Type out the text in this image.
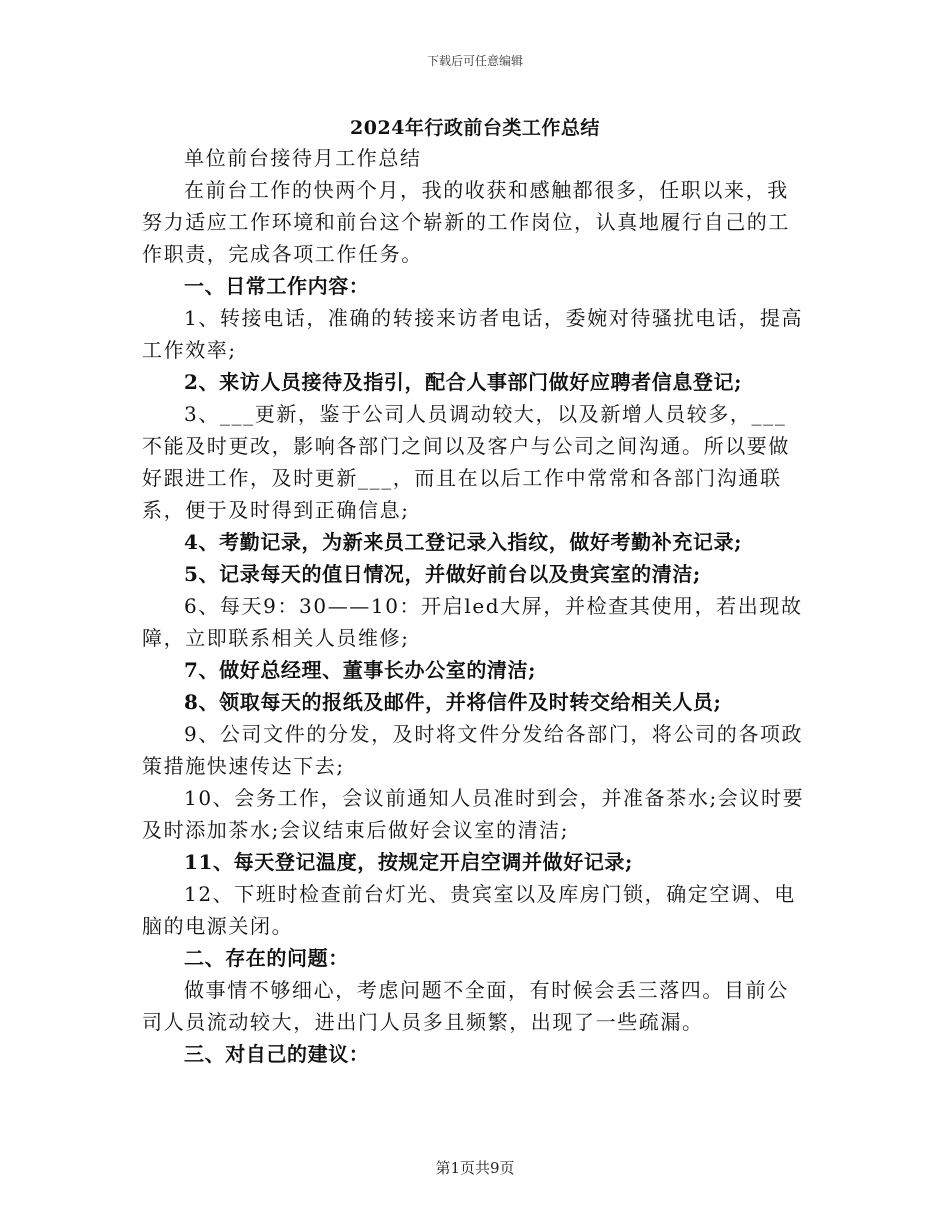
下载后可任意编辑
2024年行政前台类工作总结

单位前台接待月工作总结

在前台工作的快两个月，我的收获和感触都很多，任职以来，我努力适应工作环境和前台这个崭新的工作岗位，认真地履行自己的工作职责，完成各项工作任务。

一、日常工作内容：

1、转接电话，准确的转接来访者电话，委婉对待骚扰电话，提高工作效率;

2、来访人员接待及指引，配合人事部门做好应聘者信息登记;

3、___更新，鉴于公司人员调动较大，以及新增人员较多，___不能及时更改，影响各部门之间以及客户与公司之间沟通。所以要做好跟进工作，及时更新___，而且在以后工作中常常和各部门沟通联系，便于及时得到正确信息;

4、考勤记录，为新来员工登记录入指纹，做好考勤补充记录;

5、记录每天的值日情况，并做好前台以及贵宾室的清洁;

6、每天9：30——10：开启led大屏，并检查其使用，若出现故障，立即联系相关人员维修;

7、做好总经理、董事长办公室的清洁;

8、领取每天的报纸及邮件，并将信件及时转交给相关人员;

9、公司文件的分发，及时将文件分发给各部门，将公司的各项政策措施快速传达下去;

10、会务工作，会议前通知人员准时到会，并准备茶水;会议时要及时添加茶水;会议结束后做好会议室的清洁;

11、每天登记温度，按规定开启空调并做好记录;

12、下班时检查前台灯光、贵宾室以及库房门锁，确定空调、电脑的电源关闭。

二、存在的问题：

做事情不够细心，考虑问题不全面，有时候会丢三落四。目前公司人员流动较大，进出门人员多且频繁，出现了一些疏漏。

三、对自己的建议：

第1页共9页
